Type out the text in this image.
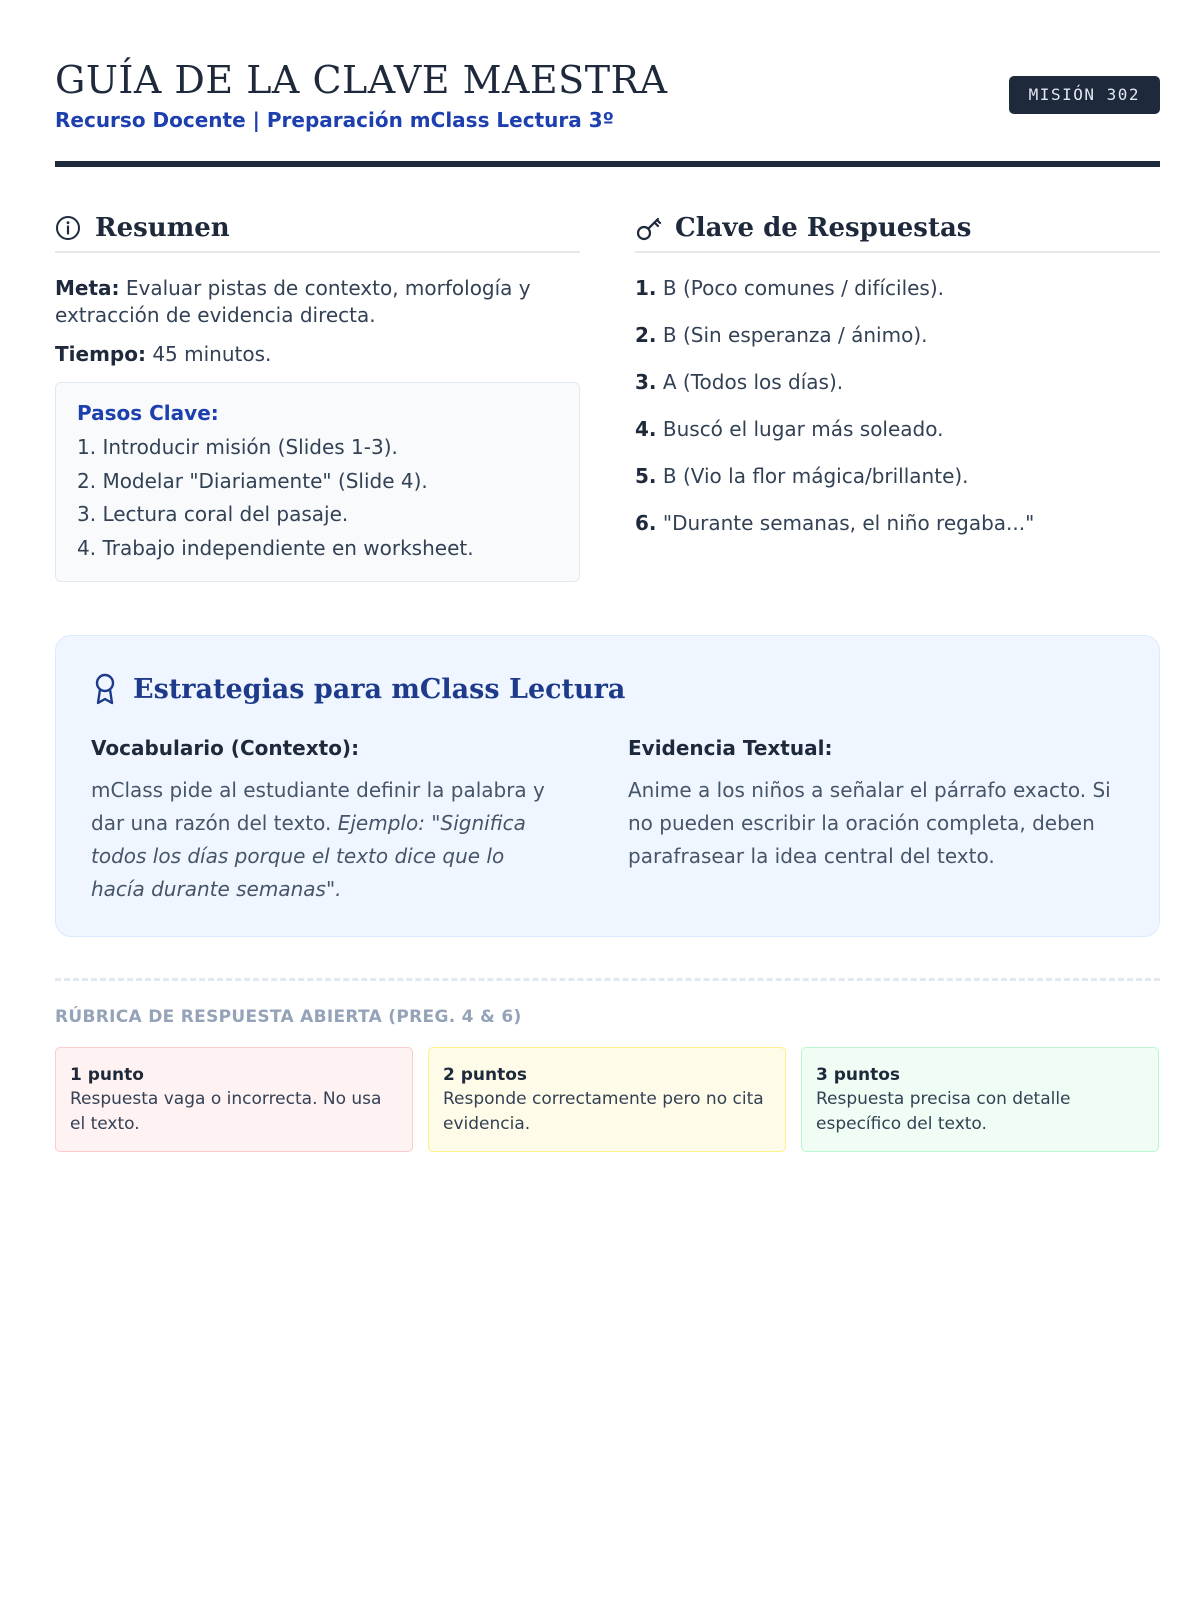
GUÍA DE LA CLAVE MAESTRA
Recurso Docente | Preparación mClass Lectura 3º
MISIÓN 302
Resumen
Meta: Evaluar pistas de contexto, morfología y extracción de evidencia directa.
Tiempo: 45 minutos.
Pasos Clave:
1. Introducir misión (Slides 1-3).
2. Modelar "Diariamente" (Slide 4).
3. Lectura coral del pasaje.
4. Trabajo independiente en worksheet.
Clave de Respuestas
1. B (Poco comunes / difíciles).
2. B (Sin esperanza / ánimo).
3. A (Todos los días).
4. Buscó el lugar más soleado.
5. B (Vio la flor mágica/brillante).
6. "Durante semanas, el niño regaba..."
Estrategias para mClass Lectura
Vocabulario (Contexto):

mClass pide al estudiante definir la palabra y dar una razón del texto. Ejemplo: "Significa todos los días porque el texto dice que lo hacía durante semanas".

Evidencia Textual:

Anime a los niños a señalar el párrafo exacto. Si no pueden escribir la oración completa, deben parafrasear la idea central del texto.

RÚBRICA DE RESPUESTA ABIERTA (PREG. 4 & 6)
1 punto
Respuesta vaga o incorrecta. No usa el texto.
2 puntos
Responde correctamente pero no cita evidencia.
3 puntos
Respuesta precisa con detalle específico del texto.
